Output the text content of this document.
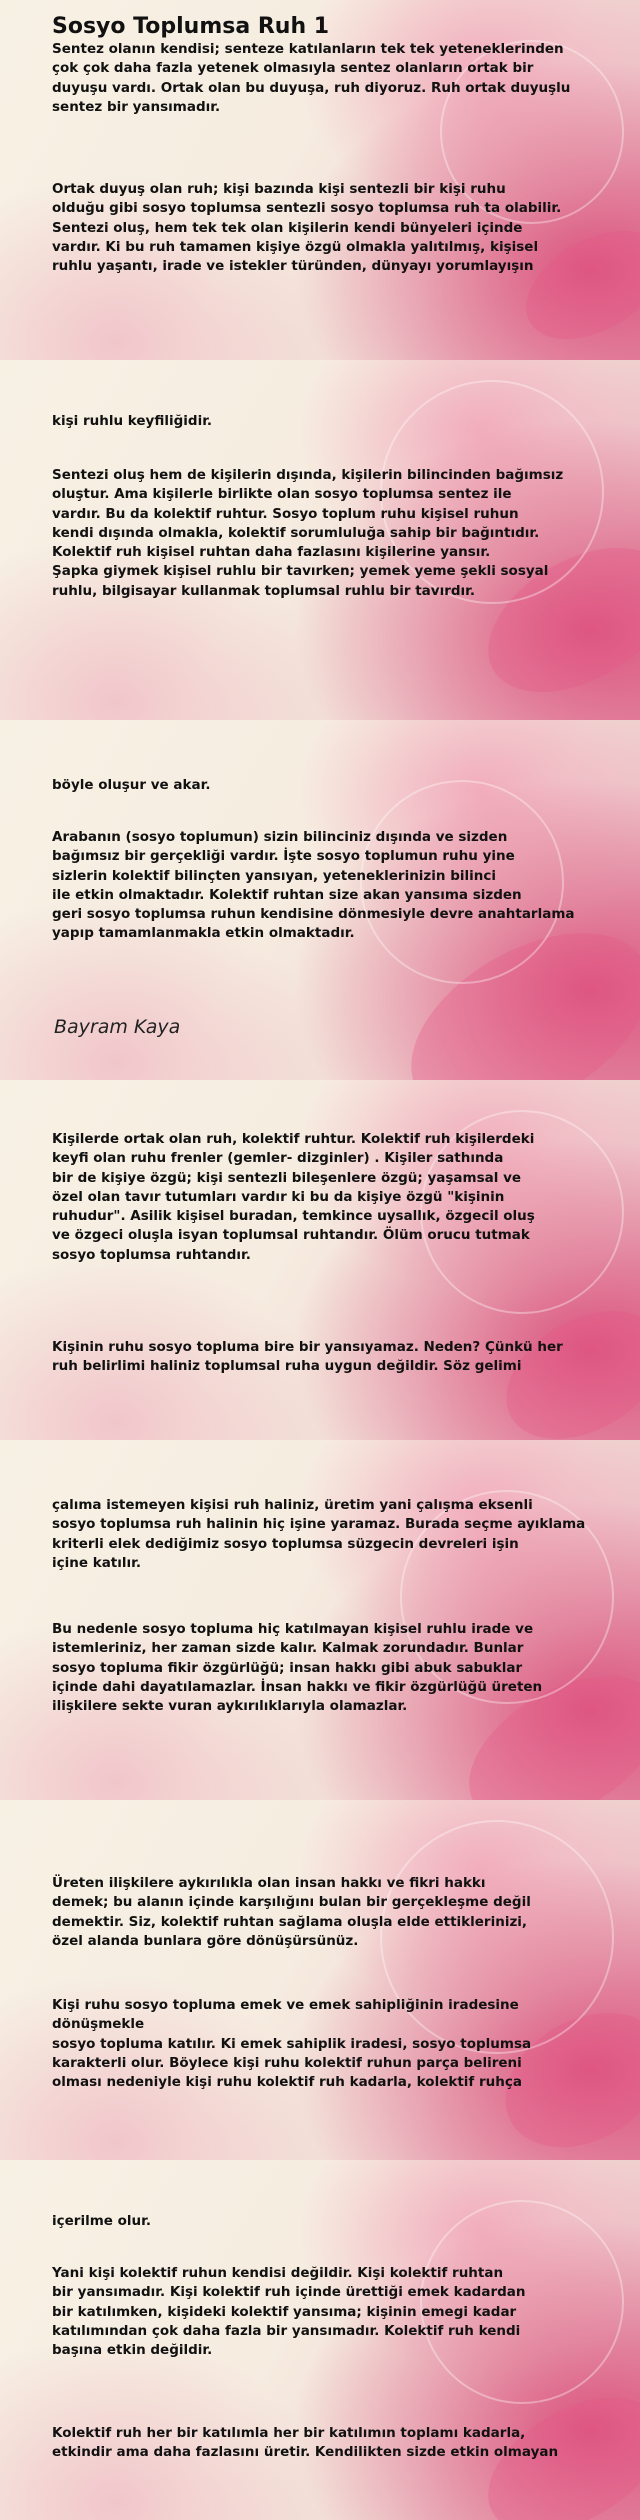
Sosyo Toplumsa Ruh 1

Sentez olanın kendisi; senteze katılanların tek tek yeteneklerinden
çok çok daha fazla yetenek olmasıyla sentez olanların ortak bir
duyuşu vardı. Ortak olan bu duyuşa, ruh diyoruz. Ruh ortak duyuşlu
sentez bir yansımadır.

Ortak duyuş olan ruh; kişi bazında kişi sentezli bir kişi ruhu
olduğu gibi sosyo toplumsa sentezli sosyo toplumsa ruh ta olabilir.
Sentezi oluş, hem tek tek olan kişilerin kendi bünyeleri içinde
vardır. Ki bu ruh tamamen kişiye özgü olmakla yalıtılmış, kişisel
ruhlu yaşantı, irade ve istekler türünden, dünyayı yorumlayışın

kişi ruhlu keyfiliğidir.

Sentezi oluş hem de kişilerin dışında, kişilerin bilincinden bağımsız
oluştur. Ama kişilerle birlikte olan sosyo toplumsa sentez ile
vardır. Bu da kolektif ruhtur. Sosyo toplum ruhu kişisel ruhun
kendi dışında olmakla, kolektif sorumluluğa sahip bir bağıntıdır.
Kolektif ruh kişisel ruhtan daha fazlasını kişilerine yansır.
Şapka giymek kişisel ruhlu bir tavırken; yemek yeme şekli sosyal
ruhlu, bilgisayar kullanmak toplumsal ruhlu bir tavırdır.

böyle oluşur ve akar.

Arabanın (sosyo toplumun) sizin bilinciniz dışında ve sizden
bağımsız bir gerçekliği vardır. İşte sosyo toplumun ruhu yine
sizlerin kolektif bilinçten yansıyan, yeteneklerinizin bilinci
ile etkin olmaktadır. Kolektif ruhtan size akan yansıma sizden
geri sosyo toplumsa ruhun kendisine dönmesiyle devre anahtarlama
yapıp tamamlanmakla etkin olmaktadır.

Bayram Kaya

Kişilerde ortak olan ruh, kolektif ruhtur. Kolektif ruh kişilerdeki
keyfi olan ruhu frenler (gemler- dizginler) . Kişiler sathında
bir de kişiye özgü; kişi sentezli bileşenlere özgü; yaşamsal ve
özel olan tavır tutumları vardır ki bu da kişiye özgü "kişinin
ruhudur". Asilik kişisel buradan, temkince uysallık, özgecil oluş
ve özgeci oluşla isyan toplumsal ruhtandır. Ölüm orucu tutmak
sosyo toplumsa ruhtandır.

Kişinin ruhu sosyo topluma bire bir yansıyamaz. Neden? Çünkü her
ruh belirlimi haliniz toplumsal ruha uygun değildir. Söz gelimi

çalıma istemeyen kişisi ruh haliniz, üretim yani çalışma eksenli
sosyo toplumsa ruh halinin hiç işine yaramaz. Burada seçme ayıklama
kriterli elek dediğimiz sosyo toplumsa süzgecin devreleri işin
içine katılır.

Bu nedenle sosyo topluma hiç katılmayan kişisel ruhlu irade ve
istemleriniz, her zaman sizde kalır. Kalmak zorundadır. Bunlar
sosyo topluma fikir özgürlüğü; insan hakkı gibi abuk sabuklar
içinde dahi dayatılamazlar. İnsan hakkı ve fikir özgürlüğü üreten
ilişkilere sekte vuran aykırılıklarıyla olamazlar.

Üreten ilişkilere aykırılıkla olan insan hakkı ve fikri hakkı
demek; bu alanın içinde karşılığını bulan bir gerçekleşme değil
demektir. Siz, kolektif ruhtan sağlama oluşla elde ettiklerinizi,
özel alanda bunlara göre dönüşürsünüz.

Kişi ruhu sosyo topluma emek ve emek sahipliğinin iradesine dönüşmekle
sosyo topluma katılır. Ki emek sahiplik iradesi, sosyo toplumsa
karakterli olur. Böylece kişi ruhu kolektif ruhun parça belireni
olması nedeniyle kişi ruhu kolektif ruh kadarla, kolektif ruhça

içerilme olur.

Yani kişi kolektif ruhun kendisi değildir. Kişi kolektif ruhtan
bir yansımadır. Kişi kolektif ruh içinde ürettiği emek kadardan
bir katılımken, kişideki kolektif yansıma; kişinin emegi kadar
katılımından çok daha fazla bir yansımadır. Kolektif ruh kendi
başına etkin değildir.

Kolektif ruh her bir katılımla her bir katılımın toplamı kadarla,
etkindir ama daha fazlasını üretir. Kendilikten sizde etkin olmayan
